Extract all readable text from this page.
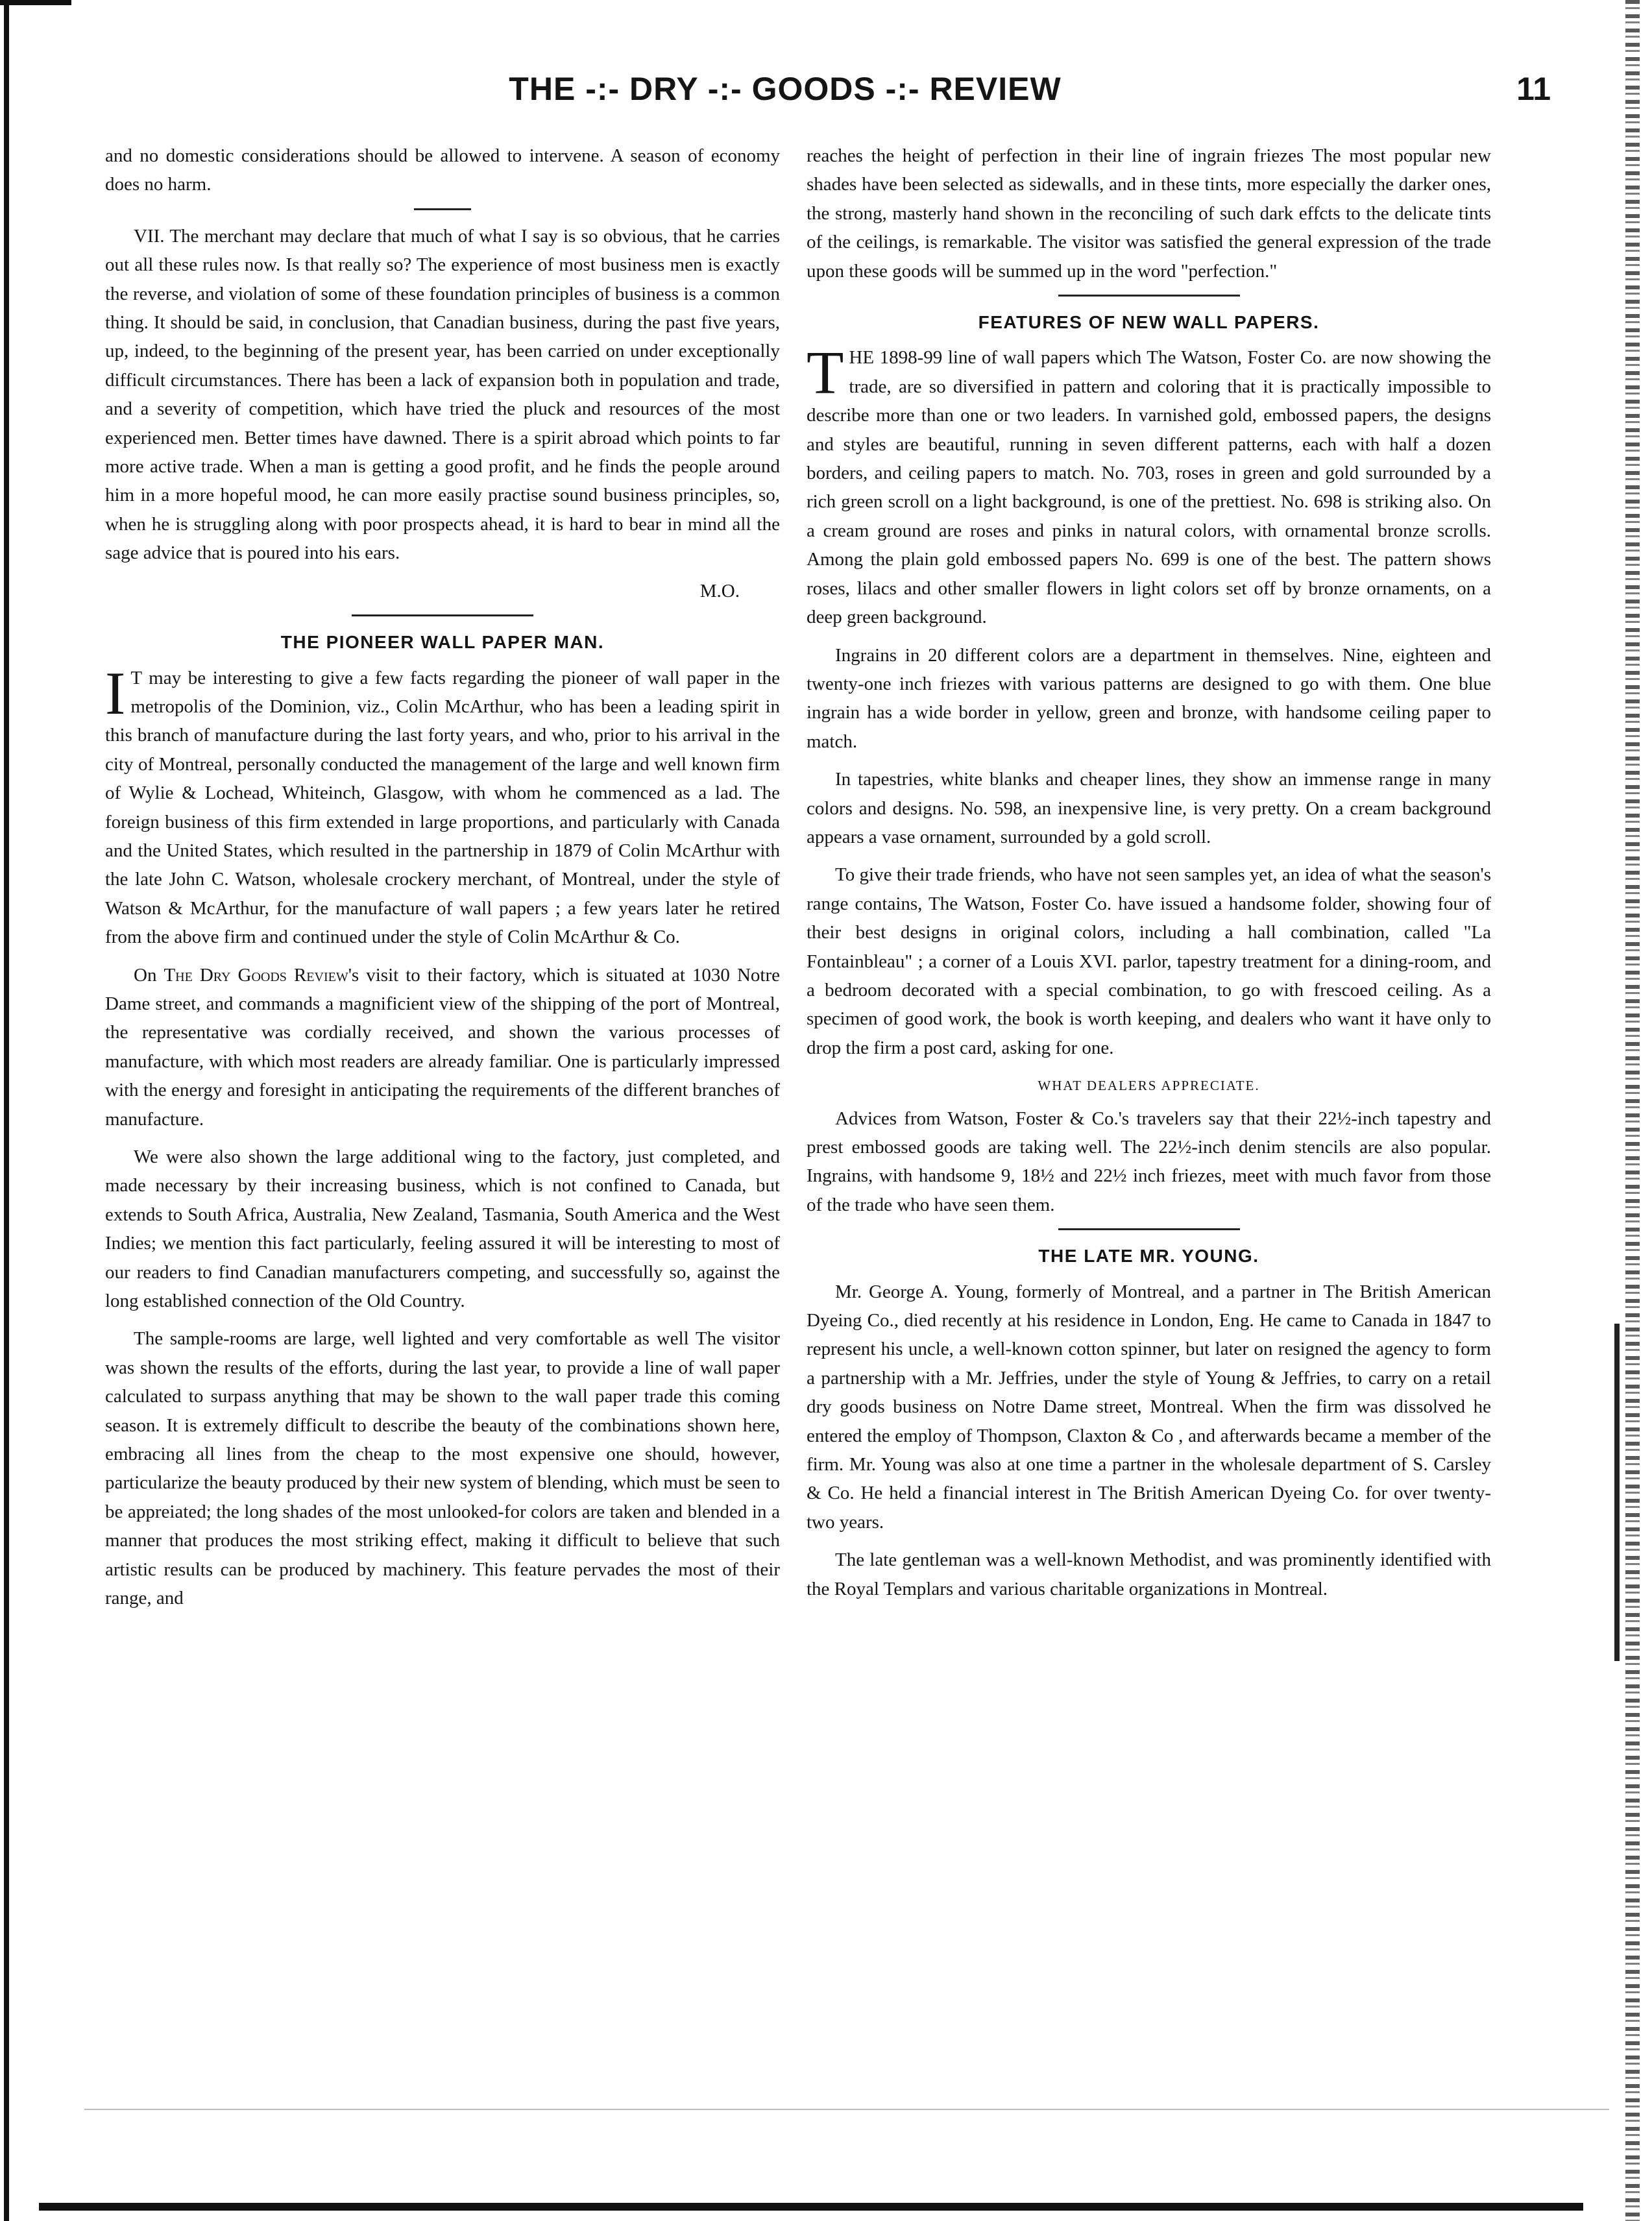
THE -:- DRY -:- GOODS -:- REVIEW	11

and no domestic considerations should be allowed to intervene. A season of economy does no harm.

VII. The merchant may declare that much of what I say is so obvious, that he carries out all these rules now. Is that really so? The experience of most business men is exactly the reverse, and violation of some of these foundation principles of business is a common thing. It should be said, in conclusion, that Canadian business, during the past five years, up, indeed, to the beginning of the present year, has been carried on under exceptionally difficult circumstances. There has been a lack of expansion both in population and trade, and a severity of competition, which have tried the pluck and resources of the most experienced men. Better times have dawned. There is a spirit abroad which points to far more active trade. When a man is getting a good profit, and he finds the people around him in a more hopeful mood, he can more easily practise sound business principles, so, when he is struggling along with poor prospects ahead, it is hard to bear in mind all the sage advice that is poured into his ears.

M.O.
THE PIONEER WALL PAPER MAN.

I T may be interesting to give a few facts regarding the pioneer of wall paper in the metropolis of the Dominion, viz., Colin McArthur, who has been a leading spirit in this branch of manufacture during the last forty years, and who, prior to his arrival in the city of Montreal, personally conducted the management of the large and well known firm of Wylie & Lochead, Whiteinch, Glasgow, with whom he commenced as a lad. The foreign business of this firm extended in large proportions, and particularly with Canada and the United States, which resulted in the partnership in 1879 of Colin McArthur with the late John C. Watson, wholesale crockery merchant, of Montreal, under the style of Watson & McArthur, for the manufacture of wall papers ; a few years later he retired from the above firm and continued under the style of Colin McArthur & Co.

On The Dry Goods Review's visit to their factory, which is situated at 1030 Notre Dame street, and commands a magnificient view of the shipping of the port of Montreal, the representative was cordially received, and shown the various processes of manufacture, with which most readers are already familiar. One is particularly impressed with the energy and foresight in anticipating the requirements of the different branches of manufacture.

We were also shown the large additional wing to the factory, just completed, and made necessary by their increasing business, which is not confined to Canada, but extends to South Africa, Australia, New Zealand, Tasmania, South America and the West Indies; we mention this fact particularly, feeling assured it will be interesting to most of our readers to find Canadian manufacturers competing, and successfully so, against the long established connection of the Old Country.

The sample-rooms are large, well lighted and very comfortable as well The visitor was shown the results of the efforts, during the last year, to provide a line of wall paper calculated to surpass anything that may be shown to the wall paper trade this coming season. It is extremely difficult to describe the beauty of the combinations shown here, embracing all lines from the cheap to the most expensive one should, however, particularize the beauty produced by their new system of blending, which must be seen to be appreiated; the long shades of the most unlooked-for colors are taken and blended in a manner that produces the most striking effect, making it difficult to believe that such artistic results can be produced by machinery. This feature pervades the most of their range, and

reaches the height of perfection in their line of ingrain friezes The most popular new shades have been selected as sidewalls, and in these tints, more especially the darker ones, the strong, masterly hand shown in the reconciling of such dark effcts to the delicate tints of the ceilings, is remarkable. The visitor was satisfied the general expression of the trade upon these goods will be summed up in the word "perfection."

FEATURES OF NEW WALL PAPERS.

THE 1898-99 line of wall papers which The Watson, Foster Co. are now showing the trade, are so diversified in pattern and coloring that it is practically impossible to describe more than one or two leaders. In varnished gold, embossed papers, the designs and styles are beautiful, running in seven different patterns, each with half a dozen borders, and ceiling papers to match. No. 703, roses in green and gold surrounded by a rich green scroll on a light background, is one of the prettiest. No. 698 is striking also. On a cream ground are roses and pinks in natural colors, with ornamental bronze scrolls. Among the plain gold embossed papers No. 699 is one of the best. The pattern shows roses, lilacs and other smaller flowers in light colors set off by bronze ornaments, on a deep green background.

Ingrains in 20 different colors are a department in themselves. Nine, eighteen and twenty-one inch friezes with various patterns are designed to go with them. One blue ingrain has a wide border in yellow, green and bronze, with handsome ceiling paper to match.

In tapestries, white blanks and cheaper lines, they show an immense range in many colors and designs. No. 598, an inexpensive line, is very pretty. On a cream background appears a vase ornament, surrounded by a gold scroll.

To give their trade friends, who have not seen samples yet, an idea of what the season's range contains, The Watson, Foster Co. have issued a handsome folder, showing four of their best designs in original colors, including a hall combination, called "La Fontainbleau" ; a corner of a Louis XVI. parlor, tapestry treatment for a dining-room, and a bedroom decorated with a special combination, to go with frescoed ceiling. As a specimen of good work, the book is worth keeping, and dealers who want it have only to drop the firm a post card, asking for one.

WHAT DEALERS APPRECIATE.

Advices from Watson, Foster & Co.'s travelers say that their 22½-inch tapestry and prest embossed goods are taking well. The 22½-inch denim stencils are also popular. Ingrains, with handsome 9, 18½ and 22½ inch friezes, meet with much favor from those of the trade who have seen them.

THE LATE MR. YOUNG.

Mr. George A. Young, formerly of Montreal, and a partner in The British American Dyeing Co., died recently at his residence in London, Eng. He came to Canada in 1847 to represent his uncle, a well-known cotton spinner, but later on resigned the agency to form a partnership with a Mr. Jeffries, under the style of Young & Jeffries, to carry on a retail dry goods business on Notre Dame street, Montreal. When the firm was dissolved he entered the employ of Thompson, Claxton & Co , and afterwards became a member of the firm. Mr. Young was also at one time a partner in the wholesale department of S. Carsley & Co. He held a financial interest in The British American Dyeing Co. for over twenty-two years.

The late gentleman was a well-known Methodist, and was prominently identified with the Royal Templars and various charitable organizations in Montreal.
